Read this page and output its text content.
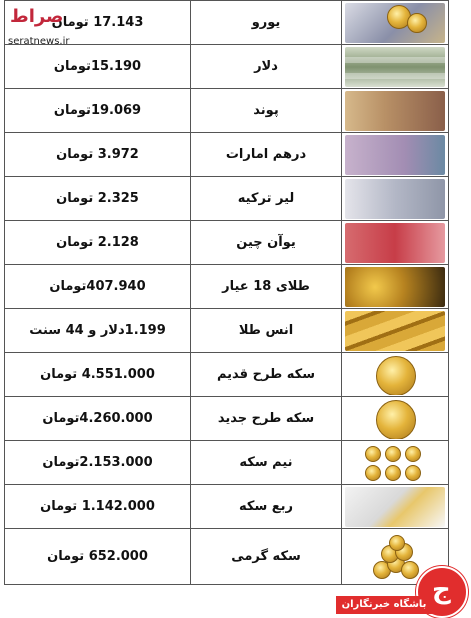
17.143 تومان	یورو	

15.190تومان	دلار	

19.069تومان	پوند	

3.972 تومان	درهم امارات	

2.325 تومان	لیر ترکیه	

2.128 تومان	یوآن چین	

407.940تومان	طلای 18 عیار	

1.199دلار و 44 سنت	انس طلا	

4.551.000 تومان	سکه طرح قدیم	

4.260.000تومان	سکه طرح جدید	

2.153.000تومان	نیم سکه	

1.142.000 تومان	ربع سکه	

652.000 تومان	سکه گرمی	
صراط
seratnews.ir
ج
باشگاه خبرنگاران
